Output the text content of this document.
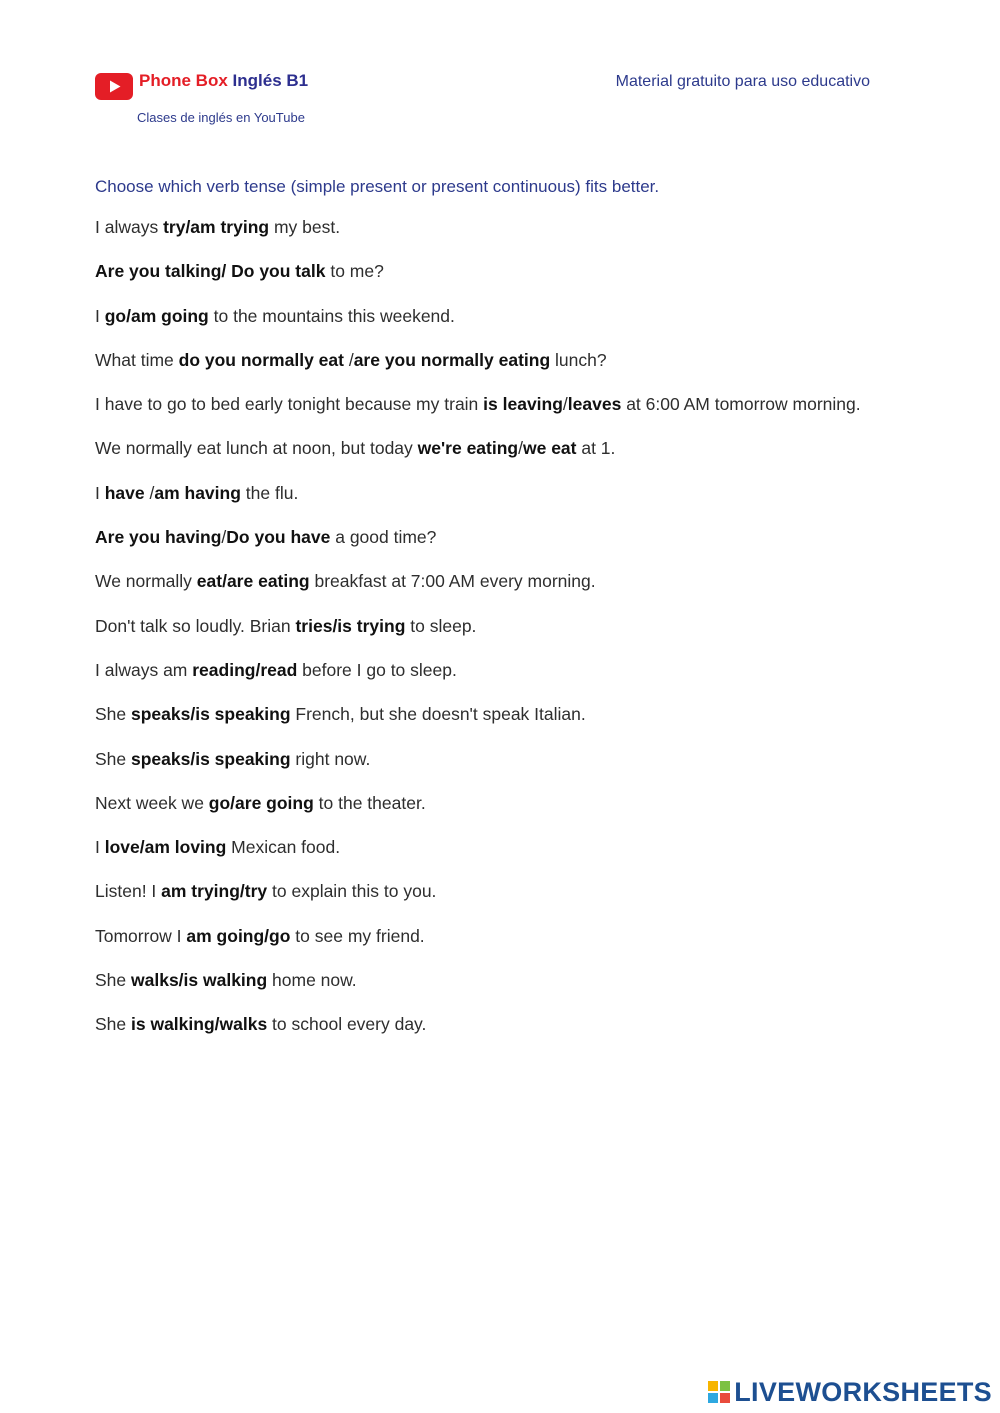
Phone Box Inglés B1
Clases de inglés en YouTube
Material gratuito para uso educativo

Choose which verb tense (simple present or present continuous) fits better.

I always try/am trying my best.

Are you talking/ Do you talk to me?

I go/am going to the mountains this weekend.

What time do you normally eat /are you normally eating lunch?

I have to go to bed early tonight because my train is leaving/leaves at 6:00 AM tomorrow morning.

We normally eat lunch at noon, but today we're eating/we eat at 1.

I have /am having the flu.

Are you having/Do you have a good time?

We normally eat/are eating breakfast at 7:00 AM every morning.

Don't talk so loudly. Brian tries/is trying to sleep.

I always am reading/read before I go to sleep.

She speaks/is speaking French, but she doesn't speak Italian.

She speaks/is speaking right now.

Next week we go/are going to the theater.

I love/am loving Mexican food.

Listen! I am trying/try to explain this to you.

Tomorrow I am going/go to see my friend.

She walks/is walking home now.

She is walking/walks to school every day.

LIVEWORKSHEETS
